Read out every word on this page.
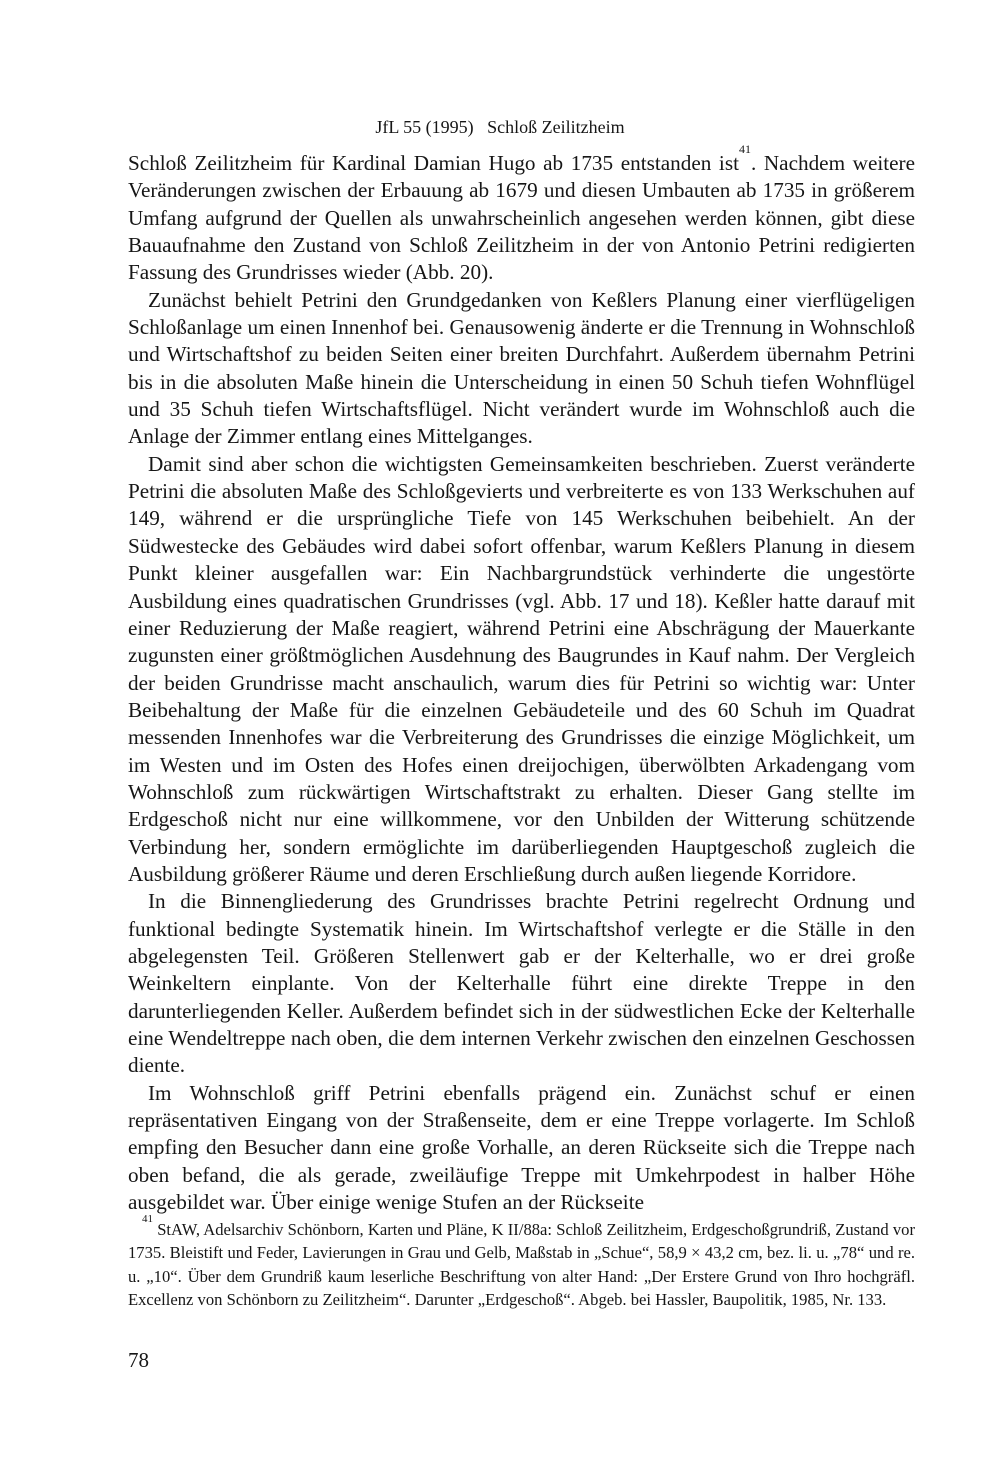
JfL 55 (1995)   Schloß Zeilitzheim

Schloß Zeilitzheim für Kardinal Damian Hugo ab 1735 entstanden ist$^{41}$. Nachdem weitere Veränderungen zwischen der Erbauung ab 1679 und diesen Umbauten ab 1735 in größerem Umfang aufgrund der Quellen als unwahrscheinlich angesehen werden können, gibt diese Bauaufnahme den Zustand von Schloß Zeilitzheim in der von Antonio Petrini redigierten Fassung des Grundrisses wieder (Abb. 20).

Zunächst behielt Petrini den Grundgedanken von Keßlers Planung einer vierflügeligen Schloßanlage um einen Innenhof bei. Genausowenig änderte er die Trennung in Wohnschloß und Wirtschaftshof zu beiden Seiten einer breiten Durchfahrt. Außerdem übernahm Petrini bis in die absoluten Maße hinein die Unterscheidung in einen 50 Schuh tiefen Wohnflügel und 35 Schuh tiefen Wirtschaftsflügel. Nicht verändert wurde im Wohnschloß auch die Anlage der Zimmer entlang eines Mittelganges.

Damit sind aber schon die wichtigsten Gemeinsamkeiten beschrieben. Zuerst veränderte Petrini die absoluten Maße des Schloßgevierts und verbreiterte es von 133 Werkschuhen auf 149, während er die ursprüngliche Tiefe von 145 Werkschuhen beibehielt. An der Südwestecke des Gebäudes wird dabei sofort offenbar, warum Keßlers Planung in diesem Punkt kleiner ausgefallen war: Ein Nachbargrundstück verhinderte die ungestörte Ausbildung eines quadratischen Grundrisses (vgl. Abb. 17 und 18). Keßler hatte darauf mit einer Reduzierung der Maße reagiert, während Petrini eine Abschrägung der Mauerkante zugunsten einer größtmöglichen Ausdehnung des Baugrundes in Kauf nahm. Der Vergleich der beiden Grundrisse macht anschaulich, warum dies für Petrini so wichtig war: Unter Beibehaltung der Maße für die einzelnen Gebäudeteile und des 60 Schuh im Quadrat messenden Innenhofes war die Verbreiterung des Grundrisses die einzige Möglichkeit, um im Westen und im Osten des Hofes einen dreijochigen, überwölbten Arkadengang vom Wohnschloß zum rückwärtigen Wirtschaftstrakt zu erhalten. Dieser Gang stellte im Erdgeschoß nicht nur eine willkommene, vor den Unbilden der Witterung schützende Verbindung her, sondern ermöglichte im darüberliegenden Hauptgeschoß zugleich die Ausbildung größerer Räume und deren Erschließung durch außen liegende Korridore.

In die Binnengliederung des Grundrisses brachte Petrini regelrecht Ordnung und funktional bedingte Systematik hinein. Im Wirtschaftshof verlegte er die Ställe in den abgelegensten Teil. Größeren Stellenwert gab er der Kelterhalle, wo er drei große Weinkeltern einplante. Von der Kelterhalle führt eine direkte Treppe in den darunterliegenden Keller. Außerdem befindet sich in der südwestlichen Ecke der Kelterhalle eine Wendeltreppe nach oben, die dem internen Verkehr zwischen den einzelnen Geschossen diente.

Im Wohnschloß griff Petrini ebenfalls prägend ein. Zunächst schuf er einen repräsentativen Eingang von der Straßenseite, dem er eine Treppe vorlagerte. Im Schloß empfing den Besucher dann eine große Vorhalle, an deren Rückseite sich die Treppe nach oben befand, die als gerade, zweiläufige Treppe mit Umkehrpodest in halber Höhe ausgebildet war. Über einige wenige Stufen an der Rückseite

$^{41}$ StAW, Adelsarchiv Schönborn, Karten und Pläne, K II/88a: Schloß Zeilitzheim, Erdgeschoßgrundriß, Zustand vor 1735. Bleistift und Feder, Lavierungen in Grau und Gelb, Maßstab in „Schue“, 58,9 × 43,2 cm, bez. li. u. „78“ und re. u. „10“. Über dem Grundriß kaum leserliche Beschriftung von alter Hand: „Der Erstere Grund von Ihro hochgräfl. Excellenz von Schönborn zu Zeilitzheim“. Darunter „Erdgeschoß“. Abgeb. bei Hassler, Baupolitik, 1985, Nr. 133.

78
